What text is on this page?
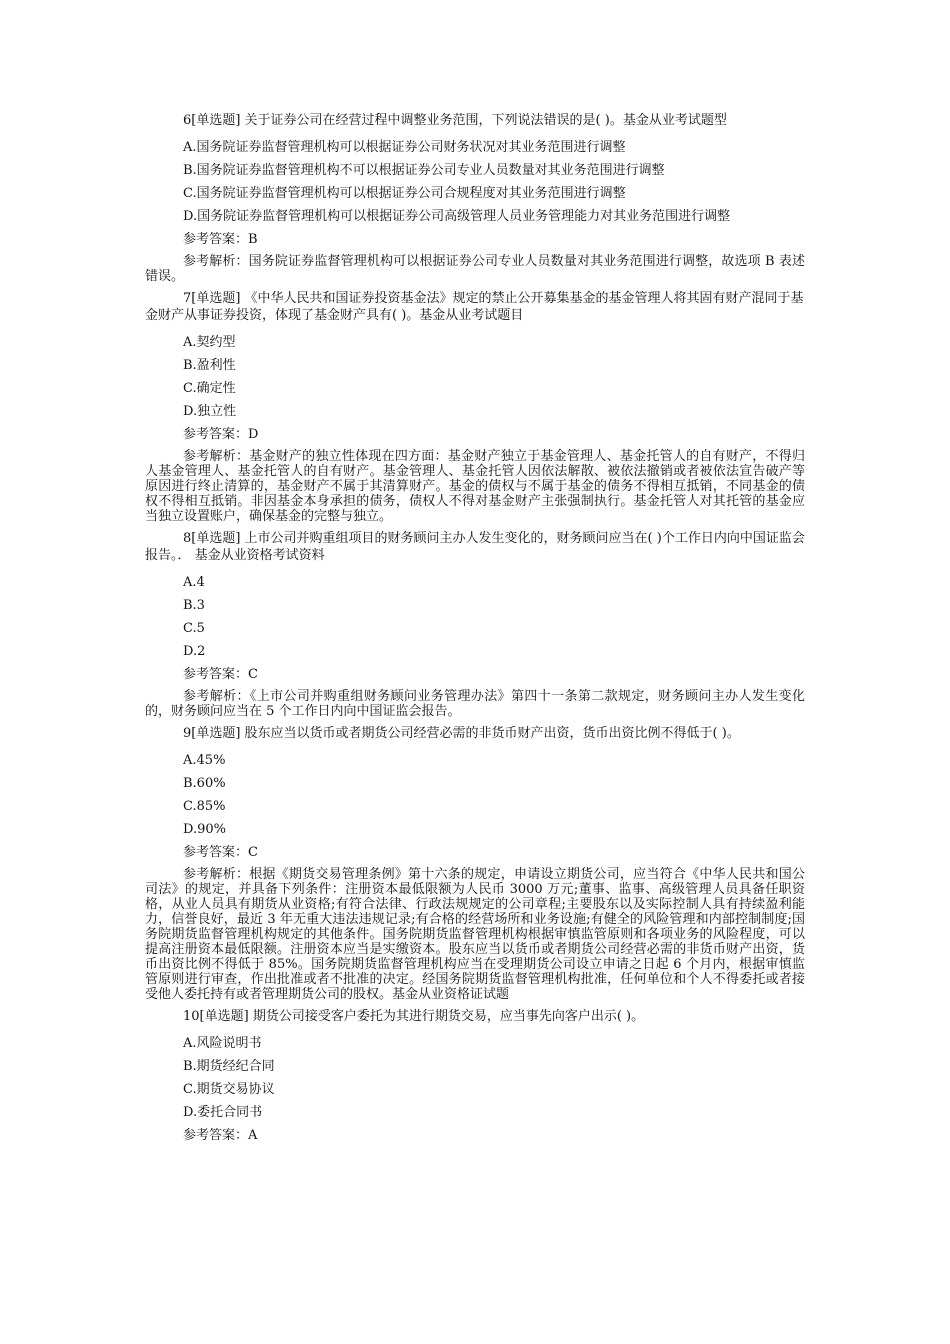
6[单选题] 关于证券公司在经营过程中调整业务范围，下列说法错误的是( )。基金从业考试题型

A.国务院证券监督管理机构可以根据证券公司财务状况对其业务范围进行调整

B.国务院证券监督管理机构不可以根据证券公司专业人员数量对其业务范围进行调整

C.国务院证券监督管理机构可以根据证券公司合规程度对其业务范围进行调整

D.国务院证券监督管理机构可以根据证券公司高级管理人员业务管理能力对其业务范围进行调整

参考答案：B

参考解析：国务院证券监督管理机构可以根据证券公司专业人员数量对其业务范围进行调整，故选项 B 表述错误。

7[单选题] 《中华人民共和国证券投资基金法》规定的禁止公开募集基金的基金管理人将其固有财产混同于基金财产从事证券投资，体现了基金财产具有( )。基金从业考试题目

A.契约型

B.盈利性

C.确定性

D.独立性

参考答案：D

参考解析：基金财产的独立性体现在四方面：基金财产独立于基金管理人、基金托管人的自有财产，不得归人基金管理人、基金托管人的自有财产。基金管理人、基金托管人因依法解散、被依法撤销或者被依法宣告破产等原因进行终止清算的，基金财产不属于其清算财产。基金的债权与不属于基金的债务不得相互抵销，不同基金的债权不得相互抵销。非因基金本身承担的债务，债权人不得对基金财产主张强制执行。基金托管人对其托管的基金应当独立设置账户，确保基金的完整与独立。

8[单选题] 上市公司并购重组项目的财务顾问主办人发生变化的，财务顾问应当在( )个工作日内向中国证监会报告。． 基金从业资格考试资料

A.4

B.3

C.5

D.2

参考答案：C

参考解析：《上市公司并购重组财务顾问业务管理办法》第四十一条第二款规定，财务顾问主办人发生变化的，财务顾问应当在 5 个工作日内向中国证监会报告。

9[单选题] 股东应当以货币或者期货公司经营必需的非货币财产出资，货币出资比例不得低于( )。

A.45%

B.60%

C.85%

D.90%

参考答案：C

参考解析：根据《期货交易管理条例》第十六条的规定，申请设立期货公司，应当符合《中华人民共和国公司法》的规定，并具备下列条件：注册资本最低限额为人民币 3000 万元;董事、监事、高级管理人员具备任职资格，从业人员具有期货从业资格;有符合法律、行政法规规定的公司章程;主要股东以及实际控制人具有持续盈利能力，信誉良好，最近 3 年无重大违法违规记录;有合格的经营场所和业务设施;有健全的风险管理和内部控制制度;国务院期货监督管理机构规定的其他条件。国务院期货监督管理机构根据审慎监管原则和各项业务的风险程度，可以提高注册资本最低限额。注册资本应当是实缴资本。股东应当以货币或者期货公司经营必需的非货币财产出资，货币出资比例不得低于 85%。国务院期货监督管理机构应当在受理期货公司设立申请之日起 6 个月内，根据审慎监管原则进行审查，作出批准或者不批准的决定。经国务院期货监督管理机构批准，任何单位和个人不得委托或者接受他人委托持有或者管理期货公司的股权。基金从业资格证试题

10[单选题] 期货公司接受客户委托为其进行期货交易，应当事先向客户出示( )。

A.风险说明书

B.期货经纪合同

C.期货交易协议

D.委托合同书

参考答案：A
